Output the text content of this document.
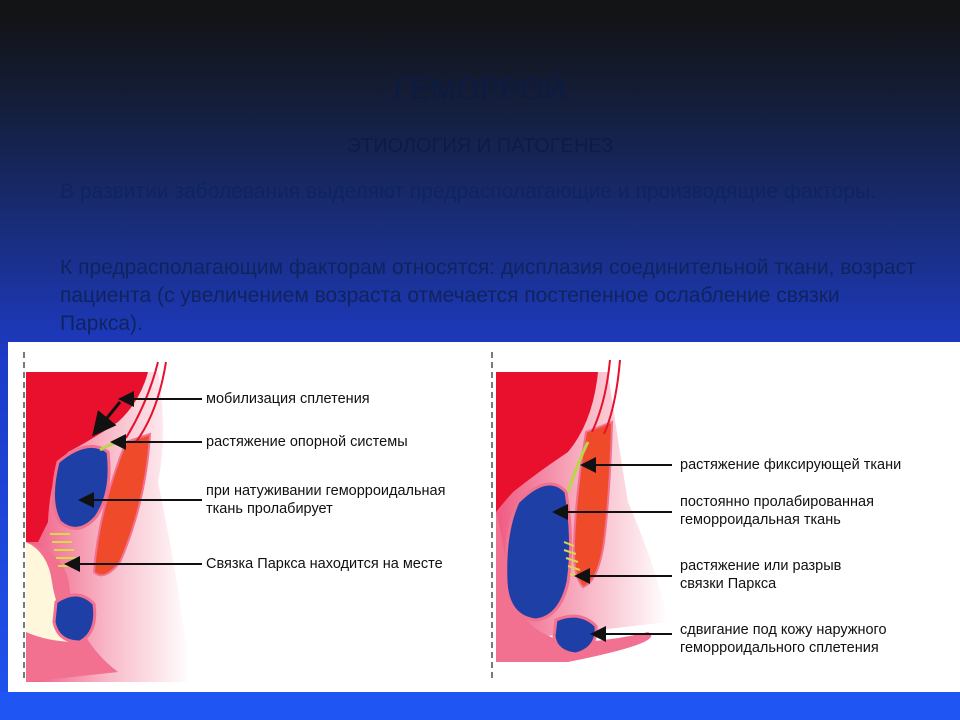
ГЕМОРРОЙ
ЭТИОЛОГИЯ И ПАТОГЕНЕЗ
В развитии заболевания выделяют предрасполагающие и производящие факторы.
К предрасполагающим факторам относятся: дисплазия соединительной ткани, возраст пациента (с увеличением возраста отмечается постепенное ослабление связки Паркса).
мобилизация сплетения
растяжение опорной системы
при натуживании геморроидальная
ткань пролабирует
Связка Паркса находится на месте
растяжение фиксирующей ткани
постоянно пролабированная
геморроидальная ткань
растяжение или разрыв
связки Паркса
сдвигание под кожу наружного
геморроидального сплетения
